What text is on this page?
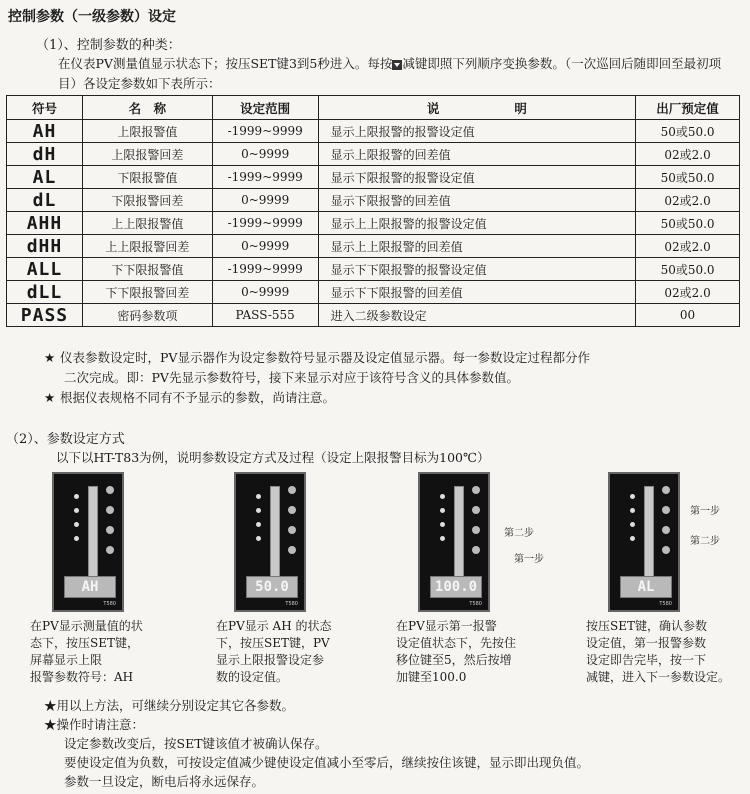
控制参数（一级参数）设定
（1）、控制参数的种类：
在仪表PV测量值显示状态下；按压SET键3到5秒进入。每按 减键即照下列顺序变换参数。（一次巡回后随即回至最初项目）各设定参数如下表所示：
符号	名　称	设定范围	说　　　　　　明	出厂预定值
AH	上限报警值	-1999~9999	显示上限报警的报警设定值	50或50.0
dH	上限报警回差	0~9999	显示上限报警的回差值	02或2.0
AL	下限报警值	-1999~9999	显示下限报警的报警设定值	50或50.0
dL	下限报警回差	0~9999	显示下限报警的回差值	02或2.0
AHH	上上限报警值	-1999~9999	显示上上限报警的报警设定值	50或50.0
dHH	上上限报警回差	0~9999	显示上上限报警的回差值	02或2.0
ALL	下下限报警值	-1999~9999	显示下下限报警的报警设定值	50或50.0
dLL	下下限报警回差	0~9999	显示下下限报警的回差值	02或2.0
PASS	密码参数项	PASS-555	进入二级参数设定	00
★ 仪表参数设定时，PV显示器作为设定参数符号显示器及设定值显示器。每一参数设定过程都分作
二次完成。即：PV先显示参数符号，接下来显示对应于该符号含义的具体参数值。
★ 根据仪表规格不同有不予显示的参数，尚请注意。
（2）、参数设定方式
以下以HT-T83为例，说明参数设定方式及过程（设定上限报警目标为100℃）
AH
T580
50.0
T580
100.0
T580
第二步
第一步
AL
T580
第一步
第二步
在PV显示测量值的状
态下，按压SET键，
屏幕显示上限
报警参数符号：AH
在PV显示 AH 的状态
下，按压SET键，PV
显示上限报警设定参
数的设定值。
在PV显示第一报警
设定值状态下，先按住
移位键至5，然后按增
加键至100.0
按压SET键，确认参数
设定值，第一报警参数
设定即告完毕，按一下
减键，进入下一参数设定。
★用以上方法，可继续分别设定其它各参数。
★操作时请注意：
设定参数改变后，按SET键该值才被确认保存。
要使设定值为负数，可按设定值减少键使设定值减小至零后，继续按住该键，显示即出现负值。
参数一旦设定，断电后将永远保存。
